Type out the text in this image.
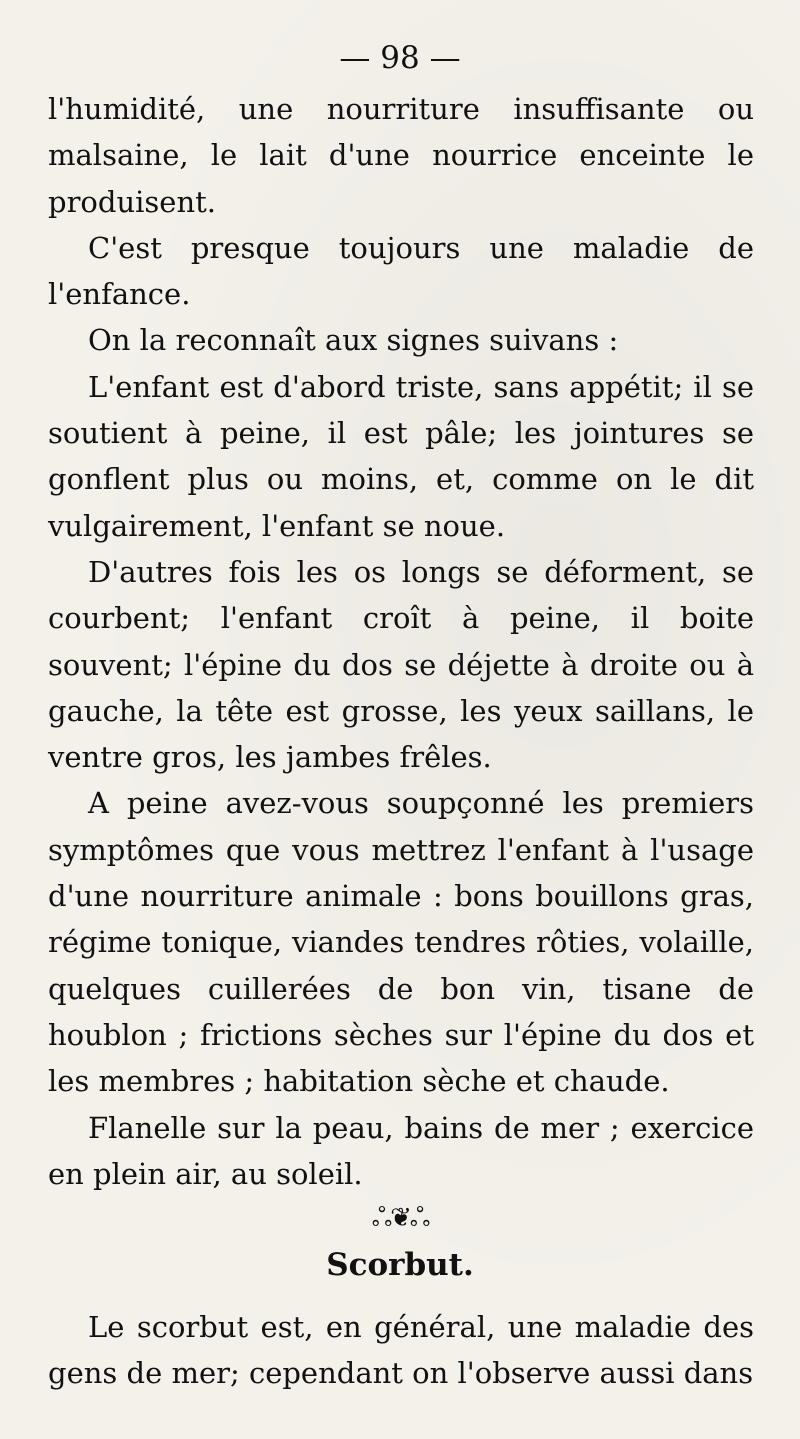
— 98 —

l'humidité, une nourriture insuffisante ou malsaine, le lait d'une nourrice enceinte le produisent.

C'est presque toujours une maladie de l'enfance.

On la reconnaît aux signes suivans :

L'enfant est d'abord triste, sans appétit; il se soutient à peine, il est pâle; les jointures se gonflent plus ou moins, et, comme on le dit vulgairement, l'enfant se noue.

D'autres fois les os longs se déforment, se courbent; l'enfant croît à peine, il boite souvent; l'épine du dos se déjette à droite ou à gauche, la tête est grosse, les yeux saillans, le ventre gros, les jambes frêles.

A peine avez-vous soupçonné les premiers symptômes que vous mettrez l'enfant à l'usage d'une nourriture animale : bons bouillons gras, régime tonique, viandes tendres rôties, volaille, quelques cuillerées de bon vin, tisane de houblon ; frictions sèches sur l'épine du dos et les membres ; habitation sèche et chaude.

Flanelle sur la peau, bains de mer ; exercice en plein air, au soleil.

ஃ❦ஃ
Scorbut.

Le scorbut est, en général, une maladie des gens de mer; cependant on l'observe aussi dans
